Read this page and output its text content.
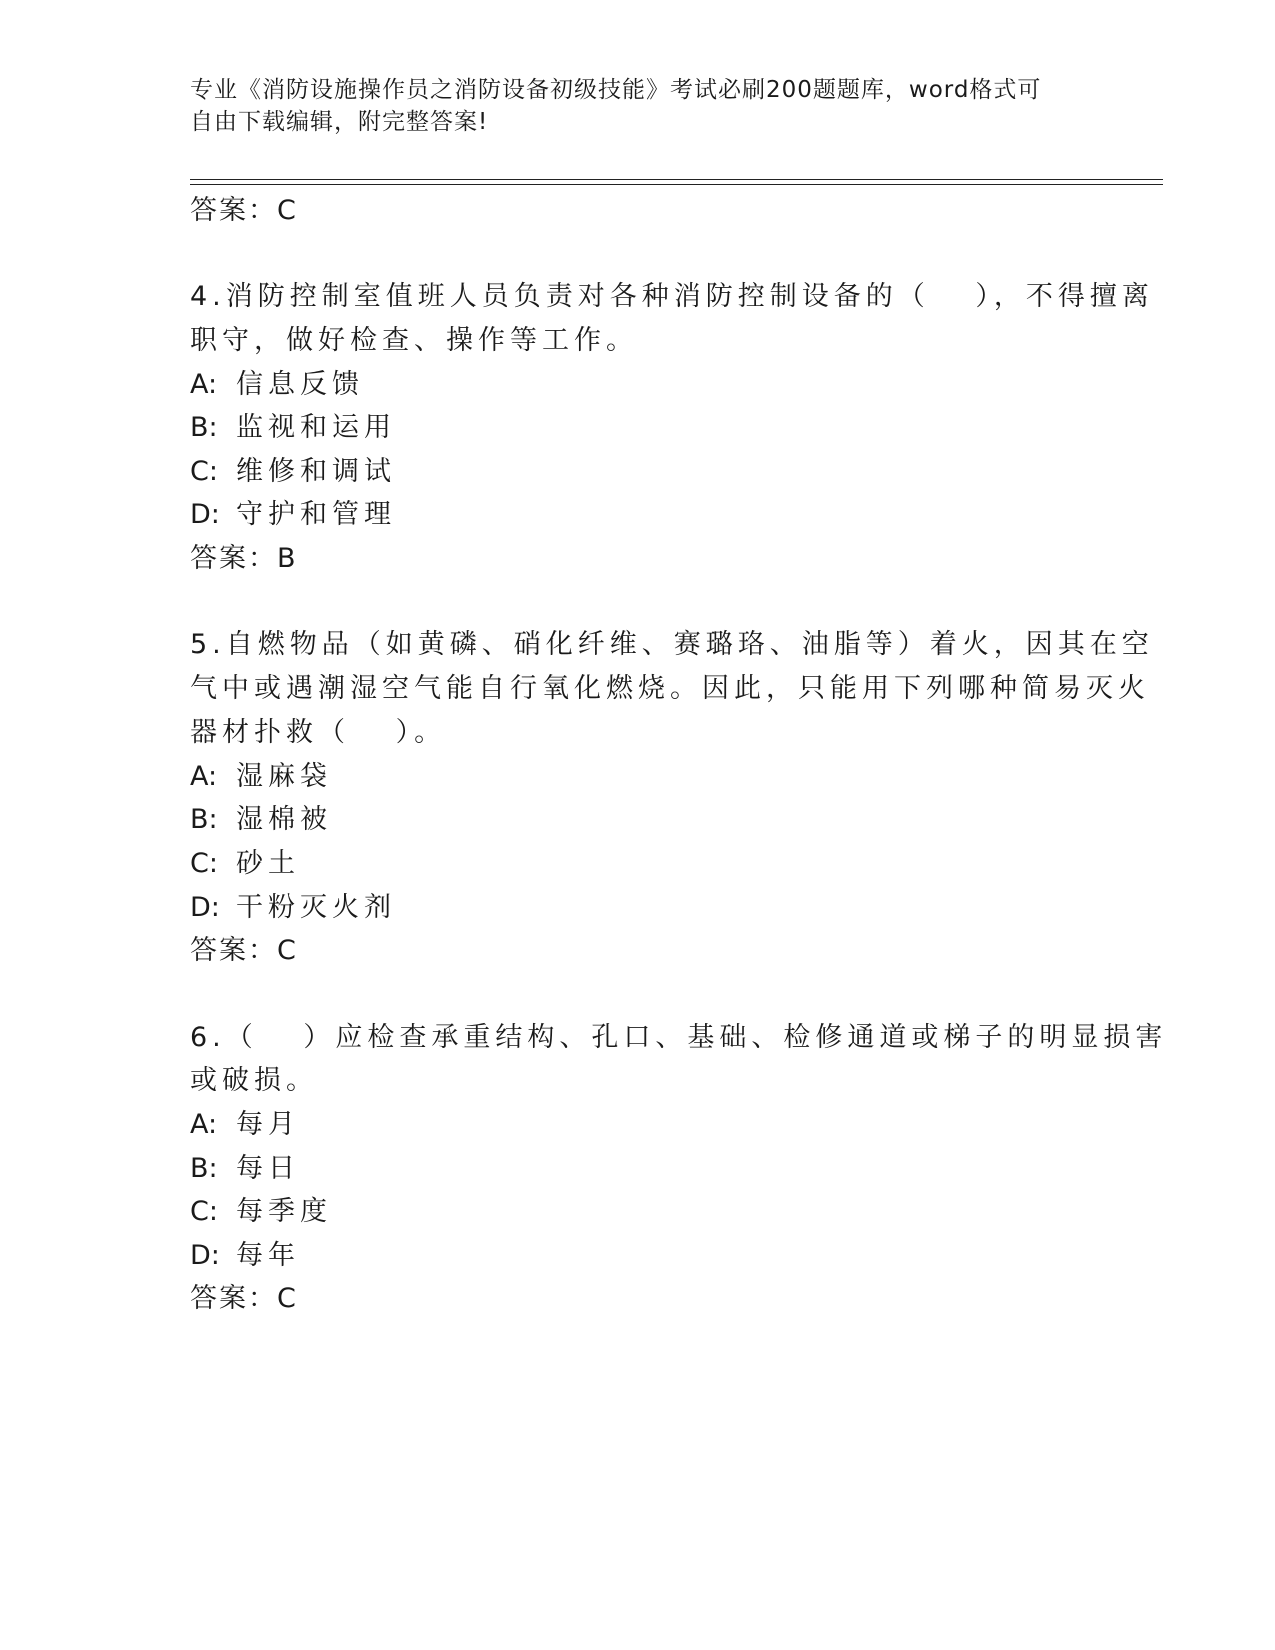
专业《消防设施操作员之消防设备初级技能》考试必刷200题题库，word格式可
自由下载编辑，附完整答案!
答案：C
4.消防控制室值班人员负责对各种消防控制设备的（　 ），不得擅离
职守，做好检查、操作等工作。
A: 信息反馈
B: 监视和运用
C: 维修和调试
D: 守护和管理
答案：B
5.自燃物品（如黄磷、硝化纤维、赛璐珞、油脂等）着火，因其在空
气中或遇潮湿空气能自行氧化燃烧。因此，只能用下列哪种简易灭火
器材扑救（　 ）。
A: 湿麻袋
B: 湿棉被
C: 砂土
D: 干粉灭火剂
答案：C
6.（　 ）应检查承重结构、孔口、基础、检修通道或梯子的明显损害
或破损。
A: 每月
B: 每日
C: 每季度
D: 每年
答案：C
